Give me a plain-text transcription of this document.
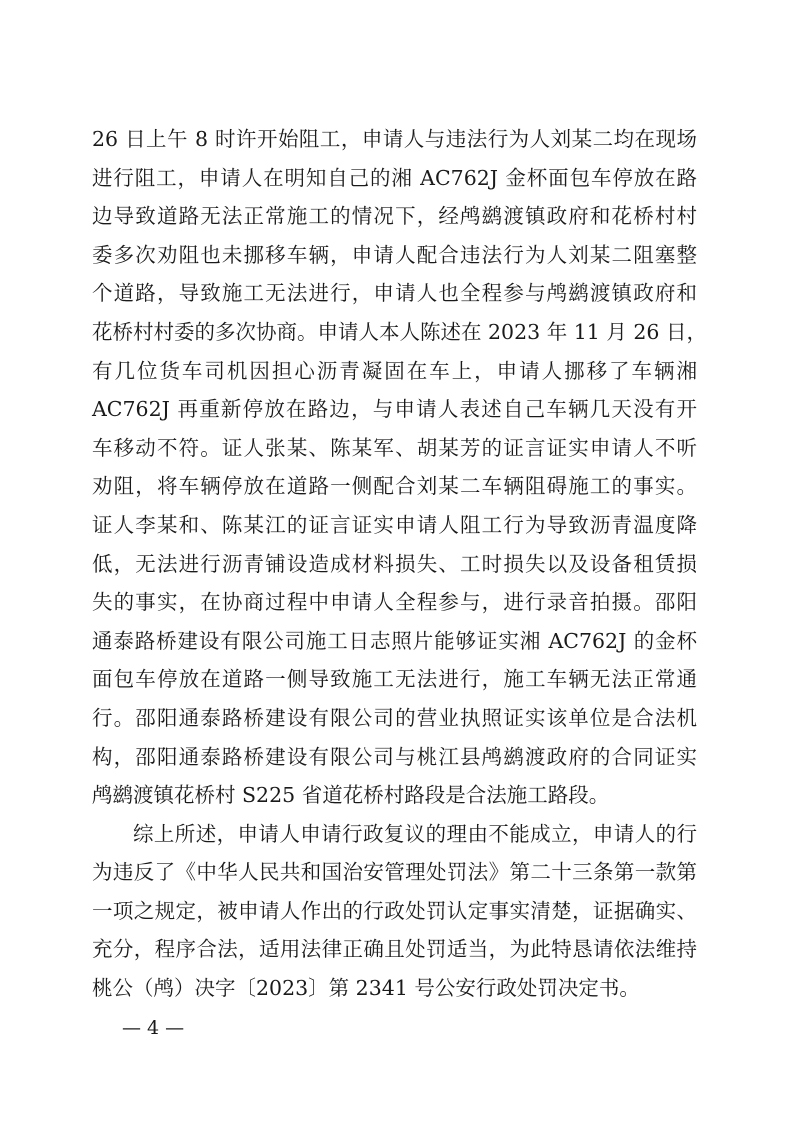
26 日上午 8 时许开始阻工，申请人与违法行为人刘某二均在现场
进行阻工，申请人在明知自己的湘 AC762J 金杯面包车停放在路
边导致道路无法正常施工的情况下，经鸬鹚渡镇政府和花桥村村
委多次劝阻也未挪移车辆，申请人配合违法行为人刘某二阻塞整
个道路，导致施工无法进行，申请人也全程参与鸬鹚渡镇政府和
花桥村村委的多次协商。申请人本人陈述在 2023 年 11 月 26 日，
有几位货车司机因担心沥青凝固在车上，申请人挪移了车辆湘
AC762J 再重新停放在路边，与申请人表述自己车辆几天没有开
车移动不符。证人张某、陈某军、胡某芳的证言证实申请人不听
劝阻，将车辆停放在道路一侧配合刘某二车辆阻碍施工的事实。
证人李某和、陈某江的证言证实申请人阻工行为导致沥青温度降
低，无法进行沥青铺设造成材料损失、工时损失以及设备租赁损
失的事实，在协商过程中申请人全程参与，进行录音拍摄。邵阳
通泰路桥建设有限公司施工日志照片能够证实湘 AC762J 的金杯
面包车停放在道路一侧导致施工无法进行，施工车辆无法正常通
行。邵阳通泰路桥建设有限公司的营业执照证实该单位是合法机
构，邵阳通泰路桥建设有限公司与桃江县鸬鹚渡政府的合同证实
鸬鹚渡镇花桥村 S225 省道花桥村路段是合法施工路段。
综上所述，申请人申请行政复议的理由不能成立，申请人的行
为违反了《中华人民共和国治安管理处罚法》第二十三条第一款第
一项之规定，被申请人作出的行政处罚认定事实清楚，证据确实、
充分，程序合法，适用法律正确且处罚适当，为此特恳请依法维持
桃公（鸬）决字〔2023〕第 2341 号公安行政处罚决定书。
— 4 —
